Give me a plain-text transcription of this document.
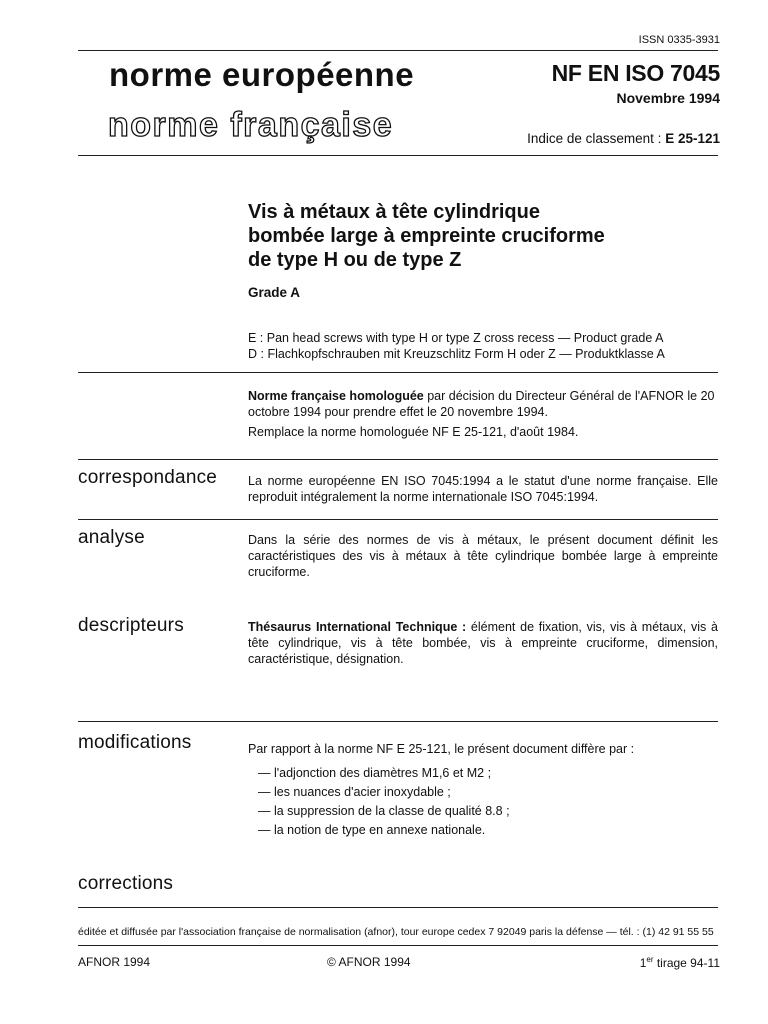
ISSN 0335-3931
norme européenne
norme française
NF EN ISO 7045
Novembre 1994
Indice de classement : E 25-121
Vis à métaux à tête cylindrique
bombée large à empreinte cruciforme
de type H ou de type Z
Grade A
E : Pan head screws with type H or type Z cross recess — Product grade A
D : Flachkopfschrauben mit Kreuzschlitz Form H oder Z — Produktklasse A

Norme française homologuée par décision du Directeur Général de l'AFNOR le 20 octobre 1994 pour prendre effet le 20 novembre 1994.

Remplace la norme homologuée NF E 25-121, d'août 1984.

correspondance La norme européenne EN ISO 7045:1994 a le statut d'une norme française. Elle reproduit intégralement la norme internationale ISO 7045:1994.
analyse	Dans la série des normes de vis à métaux, le présent document définit les caractéristiques des vis à métaux à tête cylindrique bombée large à empreinte cruciforme.
descripteurs	Thésaurus International Technique : élément de fixation, vis, vis à métaux, vis à tête cylindrique, vis à tête bombée, vis à empreinte cruciforme, dimension, caractéristique, désignation.
modifications	Par rapport à la norme NF E 25-121, le présent document diffère par :
— l'adjonction des diamètres M1,6 et M2 ;
— les nuances d'acier inoxydable ;
— la suppression de la classe de qualité 8.8 ;
— la notion de type en annexe nationale.
corrections
éditée et diffusée par l'association française de normalisation (afnor), tour europe cedex 7 92049 paris la défense — tél. : (1) 42 91 55 55
AFNOR 1994	© AFNOR 1994	1er tirage 94-11
